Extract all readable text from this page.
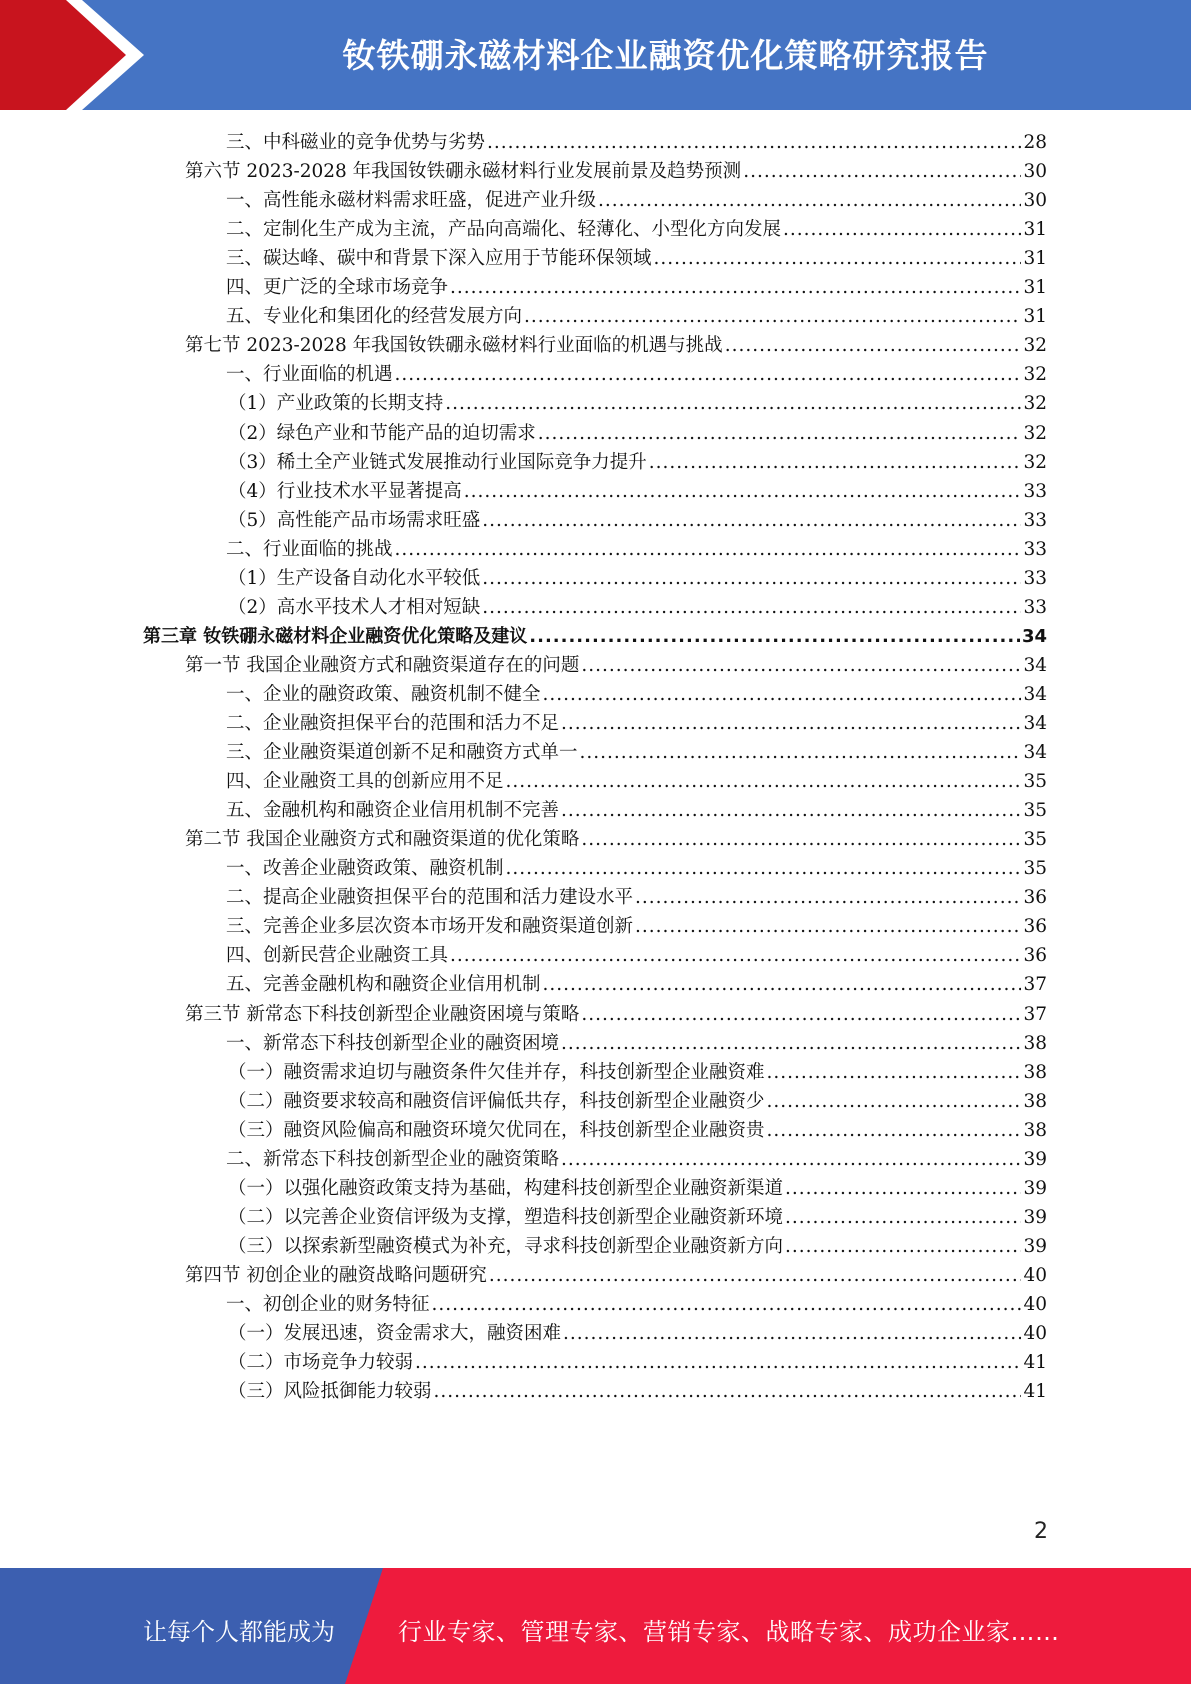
钕铁硼永磁材料企业融资优化策略研究报告
三、中科磁业的竞争优势与劣势 .....	28
第六节 2023-2028 年我国钕铁硼永磁材料行业发展前景及趋势预测 .....	30
一、高性能永磁材料需求旺盛，促进产业升级 .....	30
二、定制化生产成为主流，产品向高端化、轻薄化、小型化方向发展 .....	31
三、碳达峰、碳中和背景下深入应用于节能环保领域 .....	31
四、更广泛的全球市场竞争 .....	31
五、专业化和集团化的经营发展方向 .....	31
第七节 2023-2028 年我国钕铁硼永磁材料行业面临的机遇与挑战 .....	32
一、行业面临的机遇 .....	32
（1）产业政策的长期支持 .....	32
（2）绿色产业和节能产品的迫切需求 .....	32
（3）稀土全产业链式发展推动行业国际竞争力提升 .....	32
（4）行业技术水平显著提高 .....	33
（5）高性能产品市场需求旺盛 .....	33
二、行业面临的挑战 .....	33
（1）生产设备自动化水平较低 .....	33
（2）高水平技术人才相对短缺 .....	33
第三章 钕铁硼永磁材料企业融资优化策略及建议 .....	34
第一节 我国企业融资方式和融资渠道存在的问题 .....	34
一、企业的融资政策、融资机制不健全 .....	34
二、企业融资担保平台的范围和活力不足 .....	34
三、企业融资渠道创新不足和融资方式单一 .....	34
四、企业融资工具的创新应用不足 .....	35
五、金融机构和融资企业信用机制不完善 .....	35
第二节 我国企业融资方式和融资渠道的优化策略 .....	35
一、改善企业融资政策、融资机制 .....	35
二、提高企业融资担保平台的范围和活力建设水平 .....	36
三、完善企业多层次资本市场开发和融资渠道创新 .....	36
四、创新民营企业融资工具 .....	36
五、完善金融机构和融资企业信用机制 .....	37
第三节 新常态下科技创新型企业融资困境与策略 .....	37
一、新常态下科技创新型企业的融资困境 .....	38
（一）融资需求迫切与融资条件欠佳并存，科技创新型企业融资难 .....	38
（二）融资要求较高和融资信评偏低共存，科技创新型企业融资少 .....	38
（三）融资风险偏高和融资环境欠优同在，科技创新型企业融资贵 .....	38
二、新常态下科技创新型企业的融资策略 .....	39
（一）以强化融资政策支持为基础，构建科技创新型企业融资新渠道 .....	39
（二）以完善企业资信评级为支撑，塑造科技创新型企业融资新环境 .....	39
（三）以探索新型融资模式为补充，寻求科技创新型企业融资新方向 .....	39
第四节 初创企业的融资战略问题研究 .....	40
一、初创企业的财务特征 .....	40
（一）发展迅速，资金需求大，融资困难 .....	40
（二）市场竞争力较弱 .....	41
（三）风险抵御能力较弱 .....	41
2
让每个人都能成为	行业专家、管理专家、营销专家、战略专家、成功企业家……
